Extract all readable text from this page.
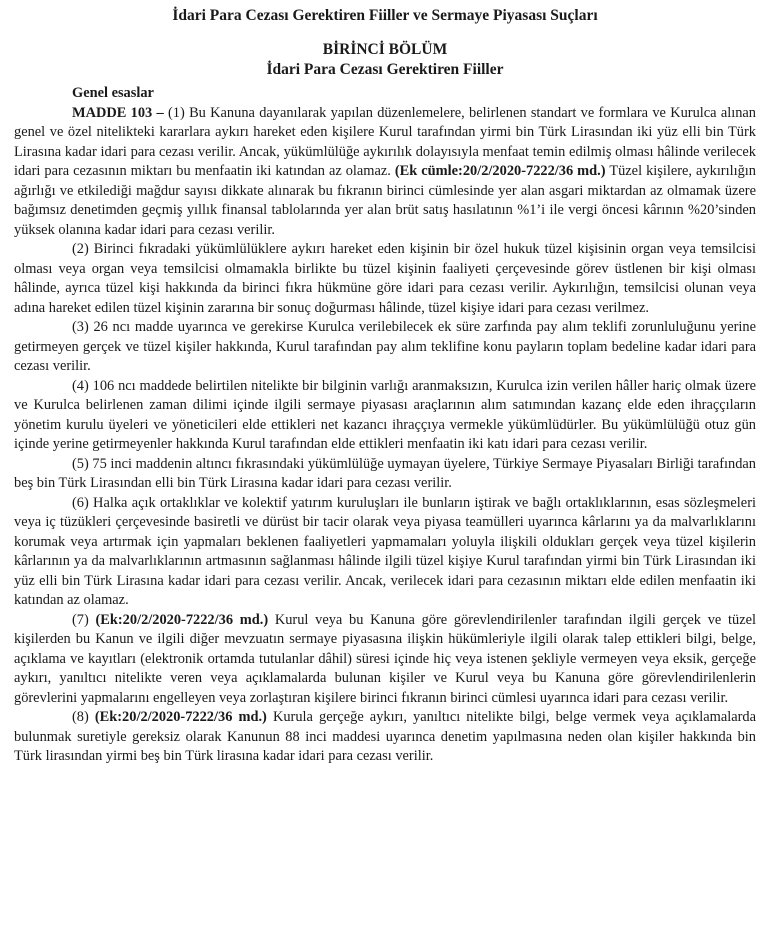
İdari Para Cezası Gerektiren Fiiller ve Sermaye Piyasası Suçları
BİRİNCİ BÖLÜM
İdari Para Cezası Gerektiren Fiiller
Genel esaslar

MADDE 103 – (1) Bu Kanuna dayanılarak yapılan düzenlemelere, belirlenen standart ve formlara ve Kurulca alınan genel ve özel nitelikteki kararlara aykırı hareket eden kişilere Kurul tarafından yirmi bin Türk Lirasından iki yüz elli bin Türk Lirasına kadar idari para cezası verilir. Ancak, yükümlülüğe aykırılık dolayısıyla menfaat temin edilmiş olması hâlinde verilecek idari para cezasının miktarı bu menfaatin iki katından az olamaz. (Ek cümle:20/2/2020-7222/36 md.) Tüzel kişilere, aykırılığın ağırlığı ve etkilediği mağdur sayısı dikkate alınarak bu fıkranın birinci cümlesinde yer alan asgari miktardan az olmamak üzere bağımsız denetimden geçmiş yıllık finansal tablolarında yer alan brüt satış hasılatının %1’i ile vergi öncesi kârının %20’sinden yüksek olanına kadar idari para cezası verilir.

(2) Birinci fıkradaki yükümlülüklere aykırı hareket eden kişinin bir özel hukuk tüzel kişisinin organ veya temsilcisi olması veya organ veya temsilcisi olmamakla birlikte bu tüzel kişinin faaliyeti çerçevesinde görev üstlenen bir kişi olması hâlinde, ayrıca tüzel kişi hakkında da birinci fıkra hükmüne göre idari para cezası verilir. Aykırılığın, temsilcisi olunan veya adına hareket edilen tüzel kişinin zararına bir sonuç doğurması hâlinde, tüzel kişiye idari para cezası verilmez.

(3) 26 ncı madde uyarınca ve gerekirse Kurulca verilebilecek ek süre zarfında pay alım teklifi zorunluluğunu yerine getirmeyen gerçek ve tüzel kişiler hakkında, Kurul tarafından pay alım teklifine konu payların toplam bedeline kadar idari para cezası verilir.

(4) 106 ncı maddede belirtilen nitelikte bir bilginin varlığı aranmaksızın, Kurulca izin verilen hâller hariç olmak üzere ve Kurulca belirlenen zaman dilimi içinde ilgili sermaye piyasası araçlarının alım satımından kazanç elde eden ihraççıların yönetim kurulu üyeleri ve yöneticileri elde ettikleri net kazancı ihraççıya vermekle yükümlüdürler. Bu yükümlülüğü otuz gün içinde yerine getirmeyenler hakkında Kurul tarafından elde ettikleri menfaatin iki katı idari para cezası verilir.

(5) 75 inci maddenin altıncı fıkrasındaki yükümlülüğe uymayan üyelere, Türkiye Sermaye Piyasaları Birliği tarafından beş bin Türk Lirasından elli bin Türk Lirasına kadar idari para cezası verilir.

(6) Halka açık ortaklıklar ve kolektif yatırım kuruluşları ile bunların iştirak ve bağlı ortaklıklarının, esas sözleşmeleri veya iç tüzükleri çerçevesinde basiretli ve dürüst bir tacir olarak veya piyasa teamülleri uyarınca kârlarını ya da malvarlıklarını korumak veya artırmak için yapmaları beklenen faaliyetleri yapmamaları yoluyla ilişkili oldukları gerçek veya tüzel kişilerin kârlarının ya da malvarlıklarının artmasının sağlanması hâlinde ilgili tüzel kişiye Kurul tarafından yirmi bin Türk Lirasından iki yüz elli bin Türk Lirasına kadar idari para cezası verilir. Ancak, verilecek idari para cezasının miktarı elde edilen menfaatin iki katından az olamaz.

(7) (Ek:20/2/2020-7222/36 md.) Kurul veya bu Kanuna göre görevlendirilenler tarafından ilgili gerçek ve tüzel kişilerden bu Kanun ve ilgili diğer mevzuatın sermaye piyasasına ilişkin hükümleriyle ilgili olarak talep ettikleri bilgi, belge, açıklama ve kayıtları (elektronik ortamda tutulanlar dâhil) süresi içinde hiç veya istenen şekliyle vermeyen veya eksik, gerçeğe aykırı, yanıltıcı nitelikte veren veya açıklamalarda bulunan kişiler ve Kurul veya bu Kanuna göre görevlendirilenlerin görevlerini yapmalarını engelleyen veya zorlaştıran kişilere birinci fıkranın birinci cümlesi uyarınca idari para cezası verilir.

(8) (Ek:20/2/2020-7222/36 md.) Kurula gerçeğe aykırı, yanıltıcı nitelikte bilgi, belge vermek veya açıklamalarda bulunmak suretiyle gereksiz olarak Kanunun 88 inci maddesi uyarınca denetim yapılmasına neden olan kişiler hakkında bin Türk lirasından yirmi beş bin Türk lirasına kadar idari para cezası verilir.
